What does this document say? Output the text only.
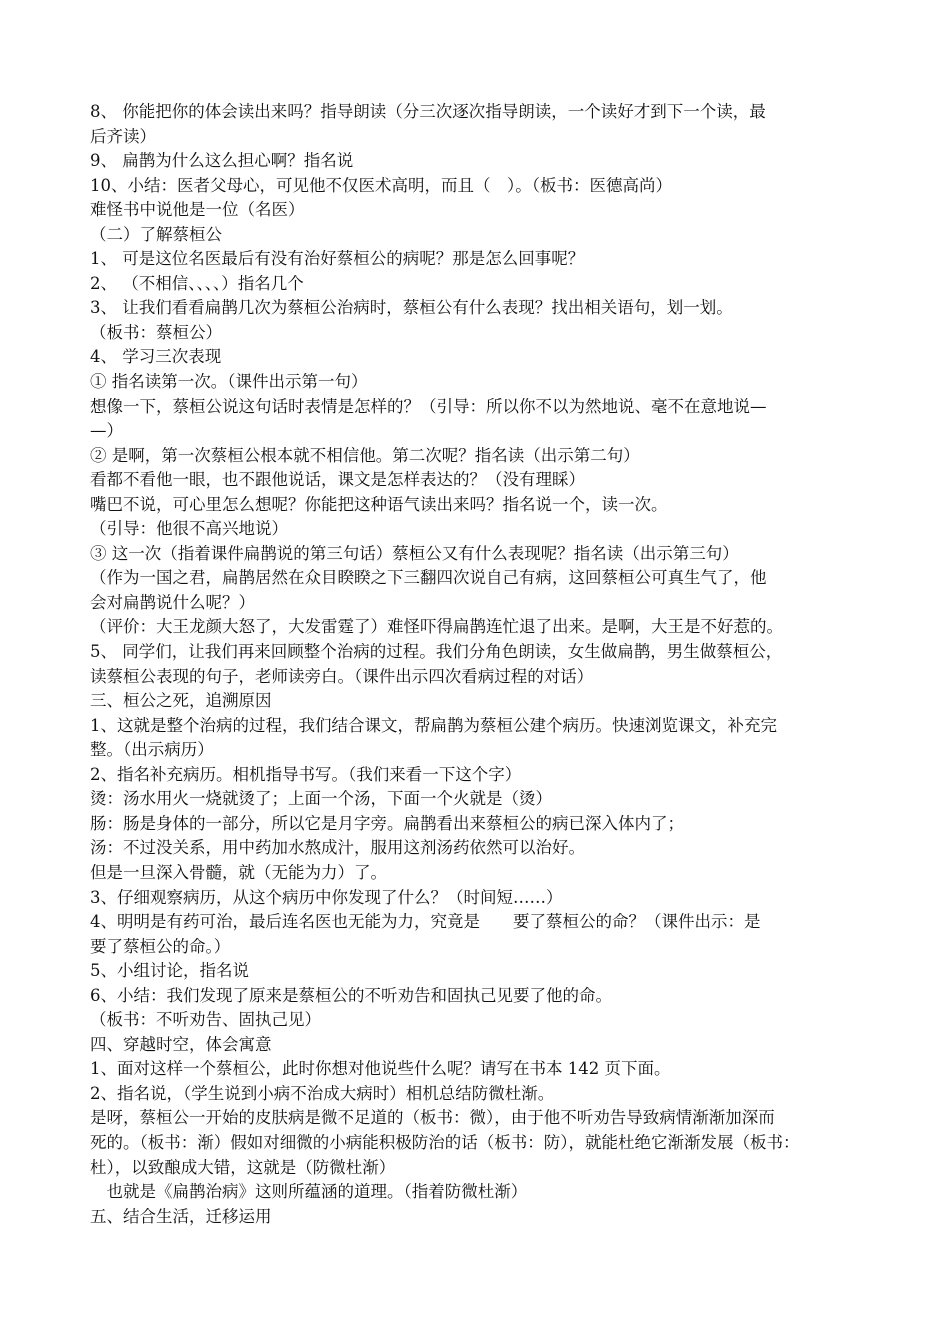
8、 你能把你的体会读出来吗？指导朗读（分三次逐次指导朗读，一个读好才到下一个读，最
后齐读）
9、 扁鹊为什么这么担心啊？指名说
10、小结：医者父母心，可见他不仅医术高明，而且（　）。（板书：医德高尚）
难怪书中说他是一位（名医）
（二）了解蔡桓公
1、 可是这位名医最后有没有治好蔡桓公的病呢？那是怎么回事呢？
2、 （不相信、、、、）指名几个
3、 让我们看看扁鹊几次为蔡桓公治病时，蔡桓公有什么表现？找出相关语句，划一划。
（板书：蔡桓公）
4、 学习三次表现
① 指名读第一次。（课件出示第一句）
想像一下，蔡桓公说这句话时表情是怎样的？（引导：所以你不以为然地说、毫不在意地说—
—）
② 是啊，第一次蔡桓公根本就不相信他。第二次呢？指名读（出示第二句）
看都不看他一眼，也不跟他说话，课文是怎样表达的？（没有理睬）
嘴巴不说，可心里怎么想呢？你能把这种语气读出来吗？指名说一个，读一次。
（引导：他很不高兴地说）
③ 这一次（指着课件扁鹊说的第三句话）蔡桓公又有什么表现呢？指名读（出示第三句）
（作为一国之君，扁鹊居然在众目睽睽之下三翻四次说自己有病，这回蔡桓公可真生气了，他
会对扁鹊说什么呢？）
（评价：大王龙颜大怒了，大发雷霆了）难怪吓得扁鹊连忙退了出来。是啊，大王是不好惹的。
5、 同学们，让我们再来回顾整个治病的过程。我们分角色朗读，女生做扁鹊，男生做蔡桓公，
读蔡桓公表现的句子，老师读旁白。（课件出示四次看病过程的对话）
三、桓公之死，追溯原因
1、这就是整个治病的过程，我们结合课文，帮扁鹊为蔡桓公建个病历。快速浏览课文，补充完
整。（出示病历）
2、指名补充病历。相机指导书写。（我们来看一下这个字）
烫：汤水用火一烧就烫了；上面一个汤，下面一个火就是（烫）
肠：肠是身体的一部分，所以它是月字旁。扁鹊看出来蔡桓公的病已深入体内了；
汤：不过没关系，用中药加水熬成汁，服用这剂汤药依然可以治好。
但是一旦深入骨髓，就（无能为力）了。
3、仔细观察病历，从这个病历中你发现了什么？（时间短……）
4、明明是有药可治，最后连名医也无能为力，究竟是　　要了蔡桓公的命？（课件出示：是
要了蔡桓公的命。）
5、小组讨论，指名说
6、小结：我们发现了原来是蔡桓公的不听劝告和固执己见要了他的命。
（板书：不听劝告、固执己见）
四、穿越时空，体会寓意
1、面对这样一个蔡桓公，此时你想对他说些什么呢？请写在书本 142 页下面。
2、指名说，（学生说到小病不治成大病时）相机总结防微杜渐。
是呀，蔡桓公一开始的皮肤病是微不足道的（板书：微），由于他不听劝告导致病情渐渐加深而
死的。（板书：渐）假如对细微的小病能积极防治的话（板书：防），就能杜绝它渐渐发展（板书：
杜），以致酿成大错，这就是（防微杜渐）
　也就是《扁鹊治病》这则所蕴涵的道理。（指着防微杜渐）
五、结合生活，迁移运用
